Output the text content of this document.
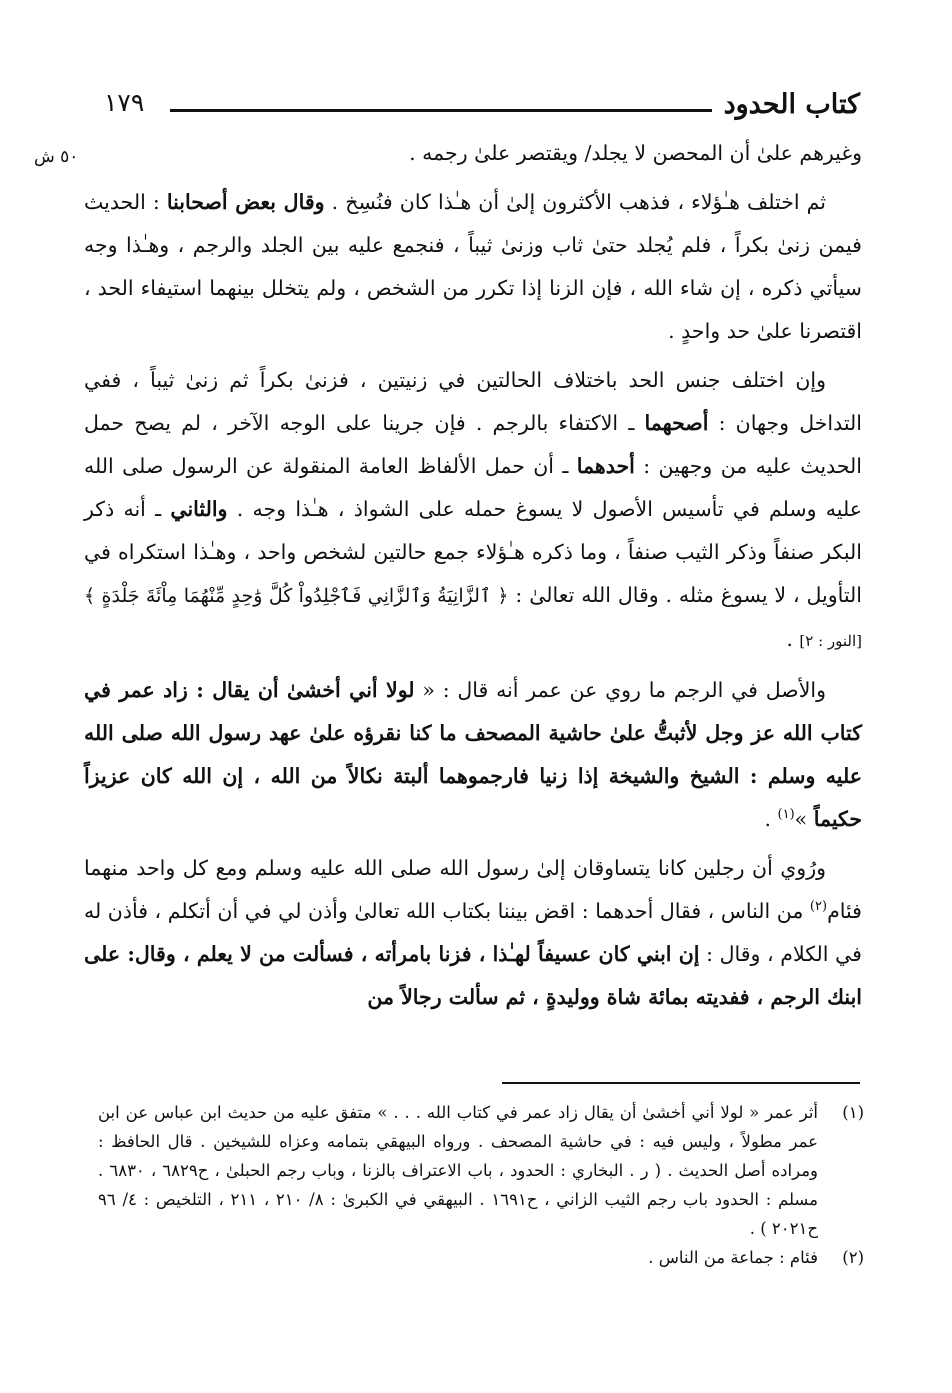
كتاب الحدود
١٧٩
٥٠ ش	وغيرهم علىٰ أن المحصن لا يجلد/ ويقتصر علىٰ رجمه .

ثم اختلف هـٰؤلاء ، فذهب الأكثرون إلىٰ أن هـٰذا كان فنُسِخ . وقال بعض أصحابنا : الحديث فيمن زنىٰ بكراً ، فلم يُجلد حتىٰ ثاب وزنىٰ ثيباً ، فنجمع عليه بين الجلد والرجم ، وهـٰذا وجه سيأتي ذكره ، إن شاء الله ، فإن الزنا إذا تكرر من الشخص ، ولم يتخلل بينهما استيفاء الحد ، اقتصرنا علىٰ حد واحدٍ .

وإن اختلف جنس الحد باختلاف الحالتين في زنيتين ، فزنىٰ بكراً ثم زنىٰ ثيباً ، ففي التداخل وجهان : أصحهما ـ الاكتفاء بالرجم . فإن جرينا على الوجه الآخر ، لم يصح حمل الحديث عليه من وجهين : أحدهما ـ أن حمل الألفاظ العامة المنقولة عن الرسول صلى الله عليه وسلم في تأسيس الأصول لا يسوغ حمله على الشواذ ، هـٰذا وجه . والثاني ـ أنه ذكر البكر صنفاً وذكر الثيب صنفاً ، وما ذكره هـٰؤلاء جمع حالتين لشخص واحد ، وهـٰذا استكراه في التأويل ، لا يسوغ مثله . وقال الله تعالىٰ : ﴿ ٱلزَّانِيَةُ وَٱلزَّانِي فَٱجْلِدُواْ كُلَّ وَٰحِدٍ مِّنْهُمَا مِاْئَةَ جَلْدَةٍ ﴾ [النور : ٢] .

والأصل في الرجم ما روي عن عمر أنه قال : « لولا أني أخشىٰ أن يقال : زاد عمر في كتاب الله عز وجل لأثبتُّ علىٰ حاشية المصحف ما كنا نقرؤه علىٰ عهد رسول الله صلى الله عليه وسلم : الشيخ والشيخة إذا زنيا فارجموهما ألبتة نكالاً من الله ، إن الله كان عزيزاً حكيماً »$^{(١)}$ .

ورُوي أن رجلين كانا يتساوقان إلىٰ رسول الله صلى الله عليه وسلم ومع كل واحد منهما فئام$^{(٢)}$ من الناس ، فقال أحدهما : اقض بيننا بكتاب الله تعالىٰ وأذن لي في أن أتكلم ، فأذن له في الكلام ، وقال : إن ابني كان عسيفاً لهـٰذا ، فزنا بامرأته ، فسألت من لا يعلم ، وقال: على ابنك الرجم ، ففديته بمائة شاة ووليدةٍ ، ثم سألت رجالاً من

(١)
أثر عمر « لولا أني أخشىٰ أن يقال زاد عمر في كتاب الله . . . » متفق عليه من حديث ابن عباس عن ابن عمر مطولاً ، وليس فيه : في حاشية المصحف . ورواه البيهقي بتمامه وعزاه للشيخين . قال الحافظ : ومراده أصل الحديث . ( ر . البخاري : الحدود ، باب الاعتراف بالزنا ، وباب رجم الحبلىٰ ، ح٦٨٢٩ ، ٦٨٣٠ . مسلم : الحدود باب رجم الثيب الزاني ، ح١٦٩١ . البيهقي في الكبرىٰ : ٨/ ٢١٠ ، ٢١١ ، التلخيص : ٤/ ٩٦ ح٢٠٢١ ) .

(٢)
فئام : جماعة من الناس .
